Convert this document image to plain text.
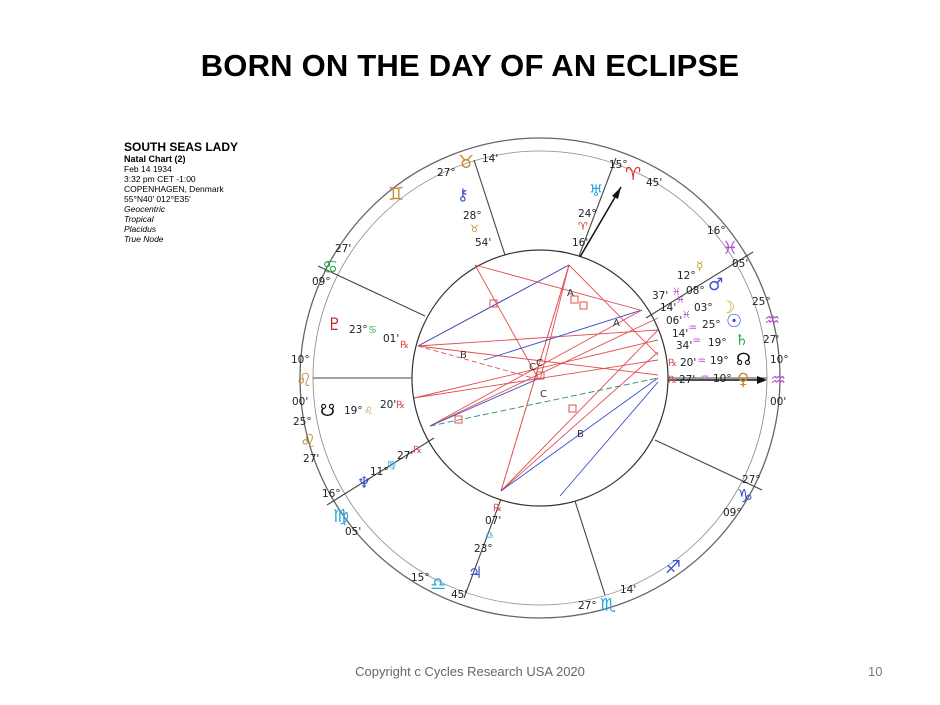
BORN ON THE DAY OF AN ECLIPSE
SOUTH SEAS LADY
Natal Chart (2)
Feb 14 1934
3:32 pm CET -1:00
COPENHAGEN, Denmark
55°N40' 012°E35'
Geocentric
Tropical
Placidus
True Node
A
A
B
C C
C
B
♌
♌
♍
♎
♏
♐
♑
♒
♒
♓
♈
♉
♊
♋
10°
00'
25°
27'
16°
05'
15°
45'
27°
14'
27°
09°
10°
00'
25°
27'
16°
05'
15°
45'
27°
14'
27'
09°
♅
24°
♈
16'
⚷
28°
♉
54'
♇ 23° ♋
01'
℞
☋ 19° ♌
20' ℞
♆
11°
♍
27' ℞
℞
07'
♎
23°
♃
♂
12°
☿
08°
♓
37'
14'
♓
03° ☽
06' ♓
25° ☉
14' ♒
♄
34' ♒ 19°
℞ 20' ♒ 19° ☊
℞ 27' ♒ 10° ♀
Copyright c Cycles Research USA 2020	10
